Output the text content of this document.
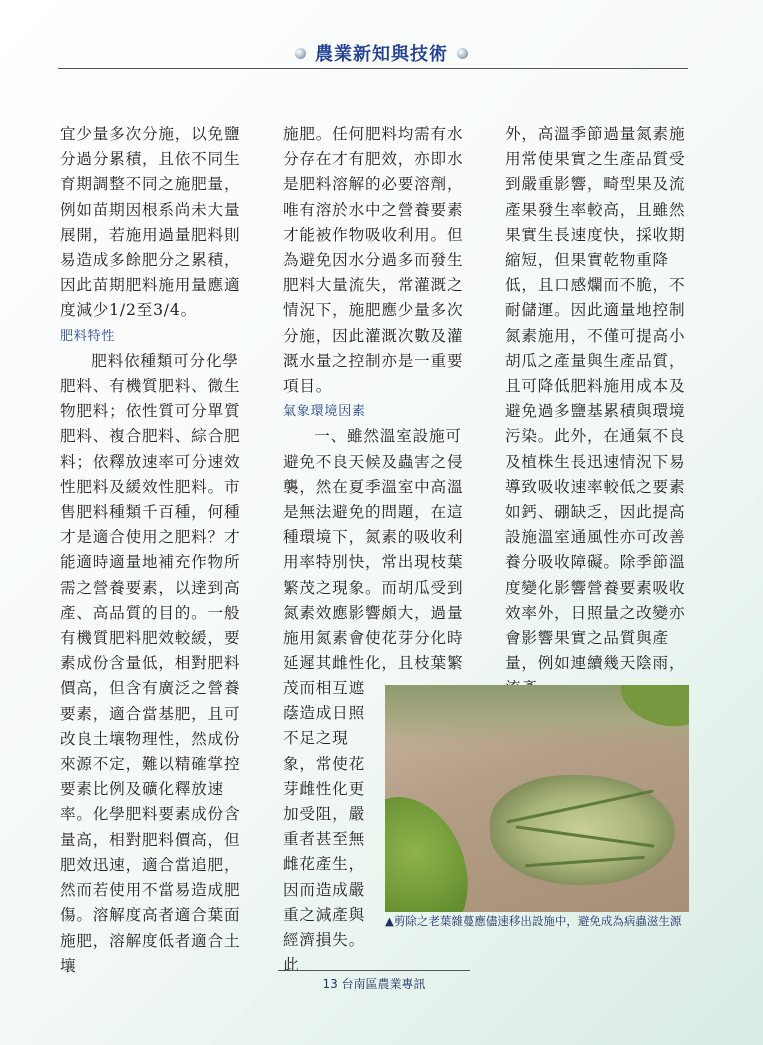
農業新知與技術

宜少量多次分施，以免鹽分過分累積，且依不同生育期調整不同之施肥量，例如苗期因根系尚未大量展開，若施用過量肥料則易造成多餘肥分之累積，因此苗期肥料施用量應適度減少1/2至3/4。

肥料特性

肥料依種類可分化學肥料、有機質肥料、微生物肥料；依性質可分單質肥料、複合肥料、綜合肥料；依釋放速率可分速效性肥料及緩效性肥料。市售肥料種類千百種，何種才是適合使用之肥料？才能適時適量地補充作物所需之營養要素，以達到高產、高品質的目的。一般有機質肥料肥效較緩，要素成份含量低，相對肥料價高，但含有廣泛之營養要素，適合當基肥，且可改良土壤物理性，然成份來源不定，難以精確掌控要素比例及礦化釋放速率。化學肥料要素成份含量高，相對肥料價高，但肥效迅速，適合當追肥，然而若使用不當易造成肥傷。溶解度高者適合葉面施肥，溶解度低者適合土壤

施肥。任何肥料均需有水分存在才有肥效，亦即水是肥料溶解的必要溶劑，唯有溶於水中之營養要素才能被作物吸收利用。但為避免因水分過多而發生肥料大量流失，常灌溉之情況下，施肥應少量多次分施，因此灌溉次數及灌溉水量之控制亦是一重要項目。

氣象環境因素

一、雖然溫室設施可避免不良天候及蟲害之侵襲，然在夏季溫室中高溫是無法避免的問題，在這種環境下，氮素的吸收利用率特別快，常出現枝葉繁茂之現象。而胡瓜受到氮素效應影響頗大，過量施用氮素會使花芽分化時延遲其雌性化，且枝葉繁

茂而相互遮蔭造成日照不足之現象，常使花芽雌性化更加受阻，嚴重者甚至無雌花產生，因而造成嚴重之減產與經濟損失。此

外，高溫季節過量氮素施用常使果實之生產品質受到嚴重影響，畸型果及流產果發生率較高，且雖然果實生長速度快，採收期縮短，但果實乾物重降低，且口感爛而不脆，不耐儲運。因此適量地控制氮素施用，不僅可提高小胡瓜之產量與生產品質，且可降低肥料施用成本及避免過多鹽基累積與環境污染。此外，在通氣不良及植株生長迅速情況下易導致吸收速率較低之要素如鈣、硼缺乏，因此提高設施溫室通風性亦可改善養分吸收障礙。除季節溫度變化影響營養要素吸收效率外，日照量之改變亦會影響果實之品質與產量，例如連續幾天陰雨，

▲剪除之老葉雜蔓應儘速移出設施中，避免成為病蟲滋生源
13 台南區農業專訊
